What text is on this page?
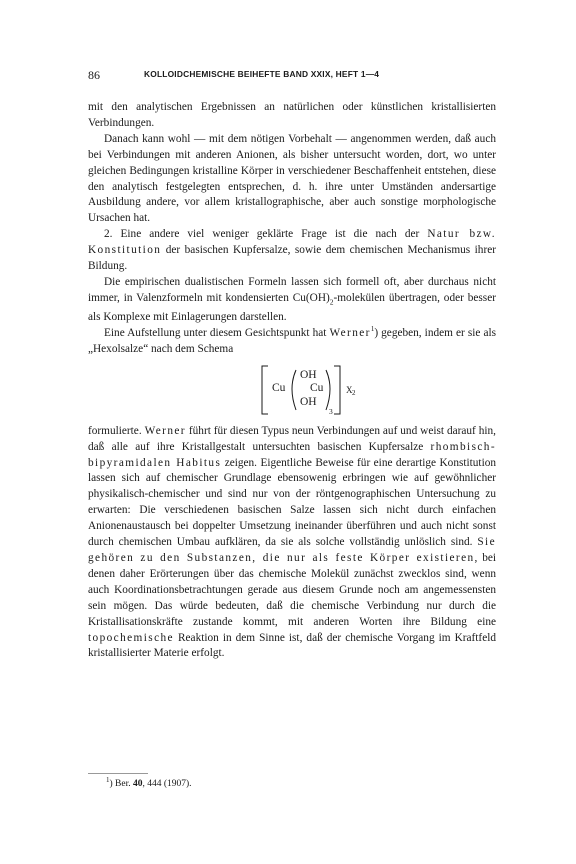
86	KOLLOIDCHEMISCHE BEIHEFTE BAND XXIX, HEFT 1—4

mit den analytischen Ergebnissen an natürlichen oder künstlichen kristallisierten Verbindungen.

Danach kann wohl — mit dem nötigen Vorbehalt — angenommen werden, daß auch bei Verbindungen mit anderen Anionen, als bisher untersucht worden, dort, wo unter gleichen Bedingungen kristalline Körper in verschiedener Beschaffenheit entstehen, diese den analytisch festgelegten entsprechen, d. h. ihre unter Umständen andersartige Ausbildung andere, vor allem kristallographische, aber auch sonstige morphologische Ursachen hat.

2. Eine andere viel weniger geklärte Frage ist die nach der Natur bzw. Konstitution der basischen Kupfersalze, sowie dem chemischen Mechanismus ihrer Bildung.

Die empirischen dualistischen Formeln lassen sich formell oft, aber durchaus nicht immer, in Valenzformeln mit kondensierten $Cu(OH)_2$-molekülen übertragen, oder besser als Komplexe mit Einlagerungen darstellen.

Eine Aufstellung unter diesem Gesichtspunkt hat Werner$^1$) gegeben, indem er sie als „Hexolsalze“ nach dem Schema

Cu
OH
Cu
OH
3
X 2

formulierte. Werner führt für diesen Typus neun Verbindungen auf und weist darauf hin, daß alle auf ihre Kristallgestalt untersuchten basischen Kupfersalze rhombisch-bipyramidalen Habitus zeigen. Eigentliche Beweise für eine derartige Konstitution lassen sich auf chemischer Grundlage ebensowenig erbringen wie auf gewöhnlicher physikalisch-chemischer und sind nur von der röntgenographischen Untersuchung zu erwarten: Die verschiedenen basischen Salze lassen sich nicht durch einfachen Anionenaustausch bei doppelter Umsetzung ineinander überführen und auch nicht sonst durch chemischen Umbau aufklären, da sie als solche vollständig unlöslich sind. Sie gehören zu den Substanzen, die nur als feste Körper existieren, bei denen daher Erörterungen über das chemische Molekül zunächst zwecklos sind, wenn auch Koordinationsbetrachtungen gerade aus diesem Grunde noch am angemessensten sein mögen. Das würde bedeuten, daß die chemische Verbindung nur durch die Kristallisationskräfte zustande kommt, mit anderen Worten ihre Bildung eine topochemische Reaktion in dem Sinne ist, daß der chemische Vorgang im Kraftfeld kristallisierter Materie erfolgt.

$^1$) Ber. 40, 444 (1907).
